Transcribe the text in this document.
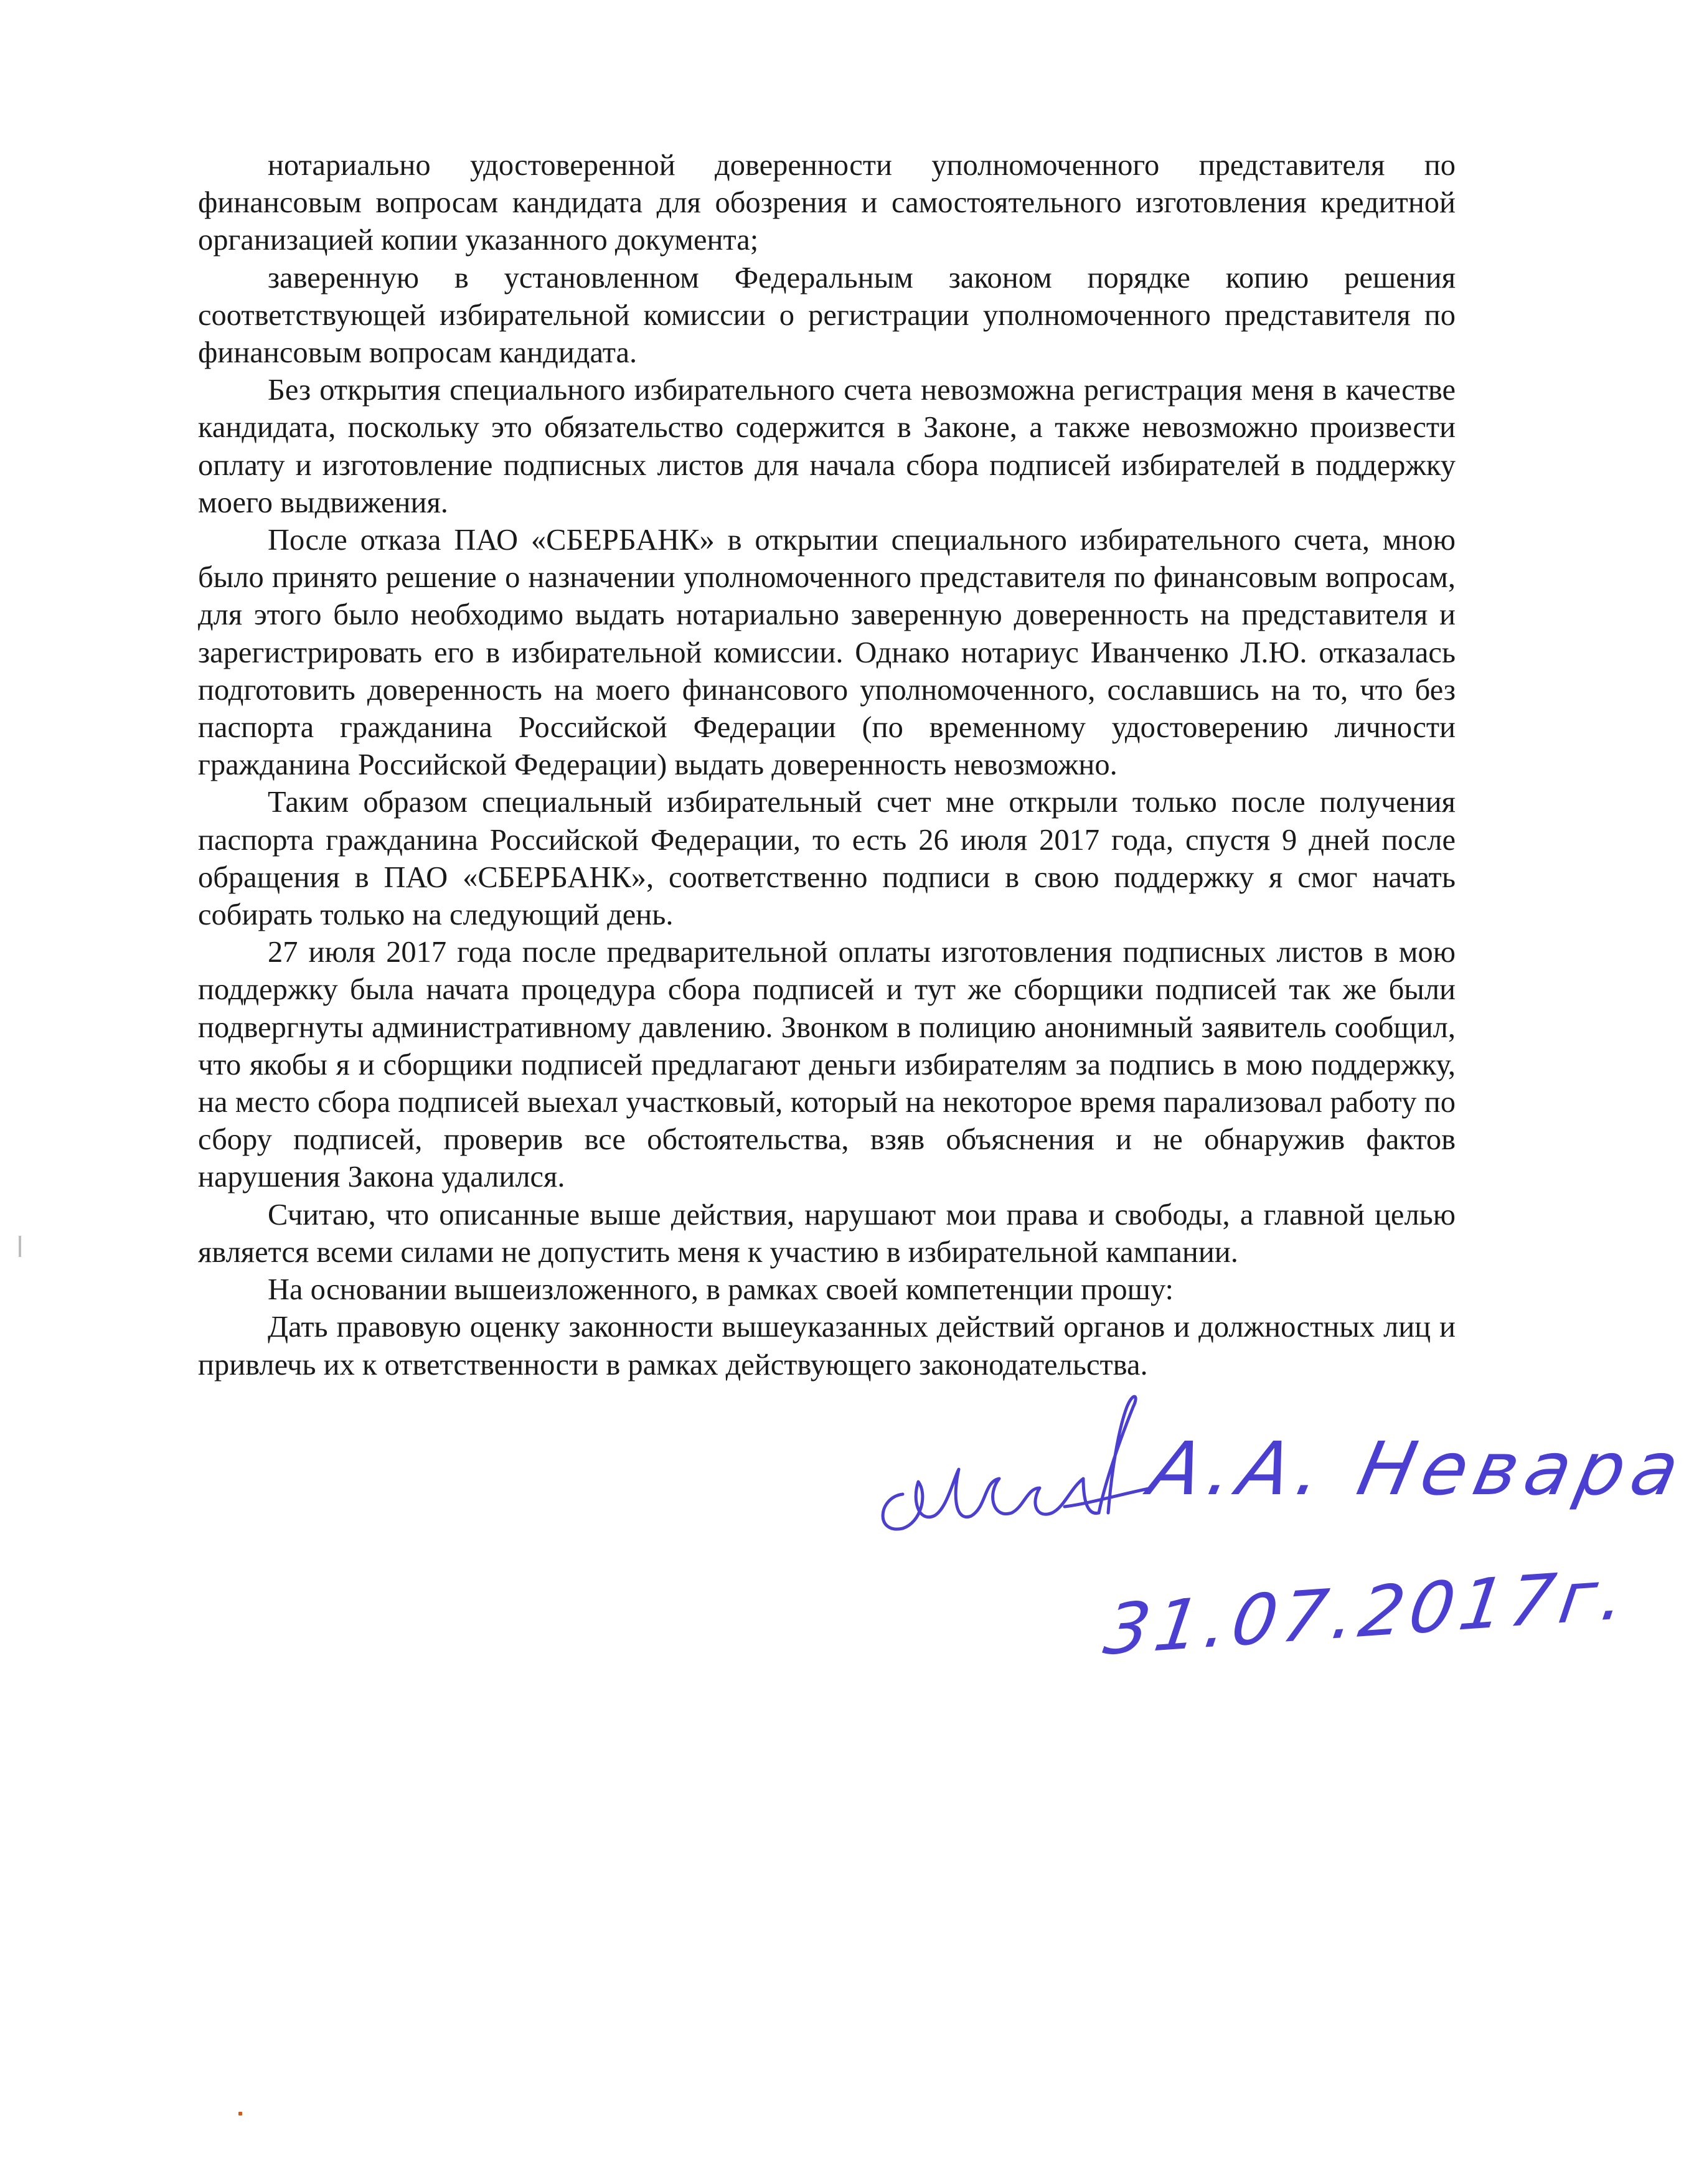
нотариально удостоверенной доверенности уполномоченного представителя по финансовым вопросам кандидата для обозрения и самостоятельного изготовления кредитной организацией копии указанного документа;

заверенную в установленном Федеральным законом порядке копию решения соответствующей избирательной комиссии о регистрации уполномоченного представителя по финансовым вопросам кандидата.

Без открытия специального избирательного счета невозможна регистрация меня в качестве кандидата, поскольку это обязательство содержится в Законе, а также невозможно произвести оплату и изготовление подписных листов для начала сбора подписей избирателей в поддержку моего выдвижения.

После отказа ПАО «СБЕРБАНК» в открытии специального избирательного счета, мною было принято решение о назначении уполномоченного представителя по финансовым вопросам, для этого было необходимо выдать нотариально заверенную доверенность на представителя и зарегистрировать его в избирательной комиссии. Однако нотариус Иванченко Л.Ю. отказалась подготовить доверенность на моего финансового уполномоченного, сославшись на то, что без паспорта гражданина Российской Федерации (по временному удостоверению личности гражданина Российской Федерации) выдать доверенность невозможно.

Таким образом специальный избирательный счет мне открыли только после получения паспорта гражданина Российской Федерации, то есть 26 июля 2017 года, спустя 9 дней после обращения в ПАО «СБЕРБАНК», соответственно подписи в свою поддержку я смог начать собирать только на следующий день.

27 июля 2017 года после предварительной оплаты изготовления подписных листов в мою поддержку была начата процедура сбора подписей и тут же сборщики подписей так же были подвергнуты административному давлению. Звонком в полицию анонимный заявитель сообщил, что якобы я и сборщики подписей предлагают деньги избирателям за подпись в мою поддержку, на место сбора подписей выехал участковый, который на некоторое время парализовал работу по сбору подписей, проверив все обстоятельства, взяв объяснения и не обнаружив фактов нарушения Закона удалился.

Считаю, что описанные выше действия, нарушают мои права и свободы, а главной целью является всеми силами не допустить меня к участию в избирательной кампании.

На основании вышеизложенного, в рамках своей компетенции прошу:

Дать правовую оценку законности вышеуказанных действий органов и должностных лиц и привлечь их к ответственности в рамках действующего законодательства.

А.А. Невара
31.07.2017г.
